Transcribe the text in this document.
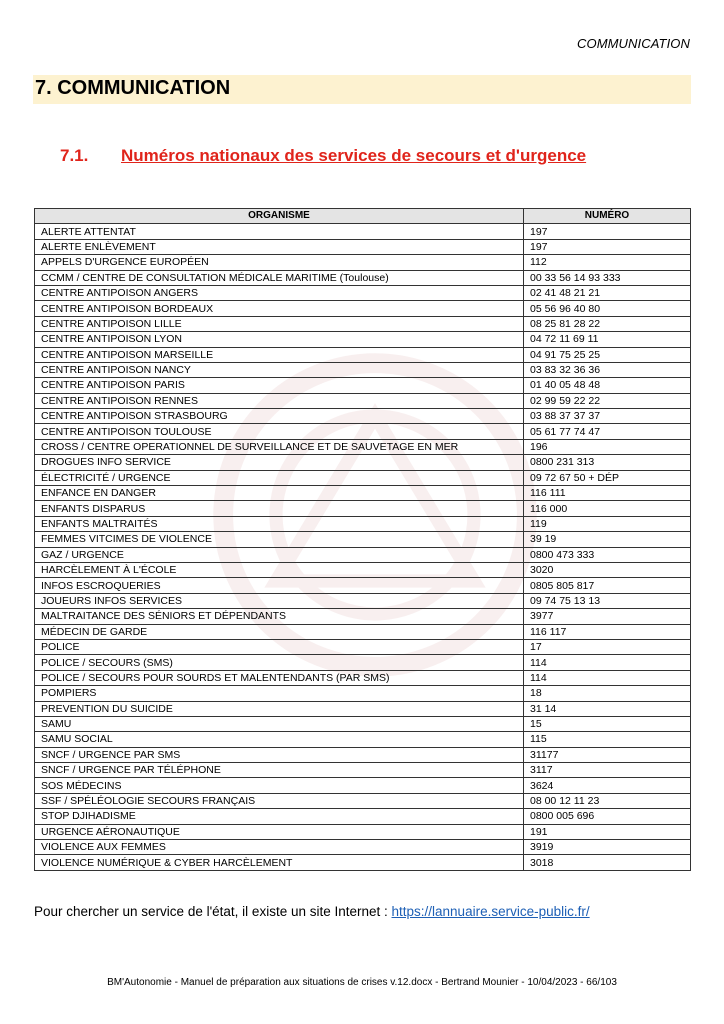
COMMUNICATION
7. COMMUNICATION
7.1. Numéros nationaux des services de secours et d'urgence
ORGANISME	NUMÉRO
ALERTE ATTENTAT	197
ALERTE ENLÈVEMENT	197
APPELS D'URGENCE EUROPÉEN	112
CCMM / CENTRE DE CONSULTATION MÉDICALE MARITIME (Toulouse)	00 33 56 14 93 333
CENTRE ANTIPOISON ANGERS	02 41 48 21 21
CENTRE ANTIPOISON BORDEAUX	05 56 96 40 80
CENTRE ANTIPOISON LILLE	08 25 81 28 22
CENTRE ANTIPOISON LYON	04 72 11 69 11
CENTRE ANTIPOISON MARSEILLE	04 91 75 25 25
CENTRE ANTIPOISON NANCY	03 83 32 36 36
CENTRE ANTIPOISON PARIS	01 40 05 48 48
CENTRE ANTIPOISON RENNES	02 99 59 22 22
CENTRE ANTIPOISON STRASBOURG	03 88 37 37 37
CENTRE ANTIPOISON TOULOUSE	05 61 77 74 47
CROSS / CENTRE OPERATIONNEL DE SURVEILLANCE ET DE SAUVETAGE EN MER	196
DROGUES INFO SERVICE	0800 231 313
ÉLECTRICITÉ / URGENCE	09 72 67 50 + DÉP
ENFANCE EN DANGER	116 111
ENFANTS DISPARUS	116 000
ENFANTS MALTRAITÉS	119
FEMMES VITCIMES DE VIOLENCE	39 19
GAZ / URGENCE	0800 473 333
HARCÈLEMENT À L'ÉCOLE	3020
INFOS ESCROQUERIES	0805 805 817
JOUEURS INFOS SERVICES	09 74 75 13 13
MALTRAITANCE DES SÉNIORS ET DÉPENDANTS	3977
MÉDECIN DE GARDE	116 117
POLICE	17
POLICE / SECOURS (SMS)	114
POLICE / SECOURS POUR SOURDS ET MALENTENDANTS (PAR SMS)	114
POMPIERS	18
PREVENTION DU SUICIDE	31 14
SAMU	15
SAMU SOCIAL	115
SNCF / URGENCE PAR SMS	31177
SNCF / URGENCE PAR TÉLÉPHONE	3117
SOS MÉDECINS	3624
SSF / SPÉLÉOLOGIE SECOURS FRANÇAIS	08 00 12 11 23
STOP DJIHADISME	0800 005 696
URGENCE AÉRONAUTIQUE	191
VIOLENCE AUX FEMMES	3919
VIOLENCE NUMÉRIQUE & CYBER HARCÈLEMENT	3018
Pour chercher un service de l'état, il existe un site Internet : https://lannuaire.service-public.fr/
BM'Autonomie - Manuel de préparation aux situations de crises v.12.docx - Bertrand Mounier - 10/04/2023 - 66/103
